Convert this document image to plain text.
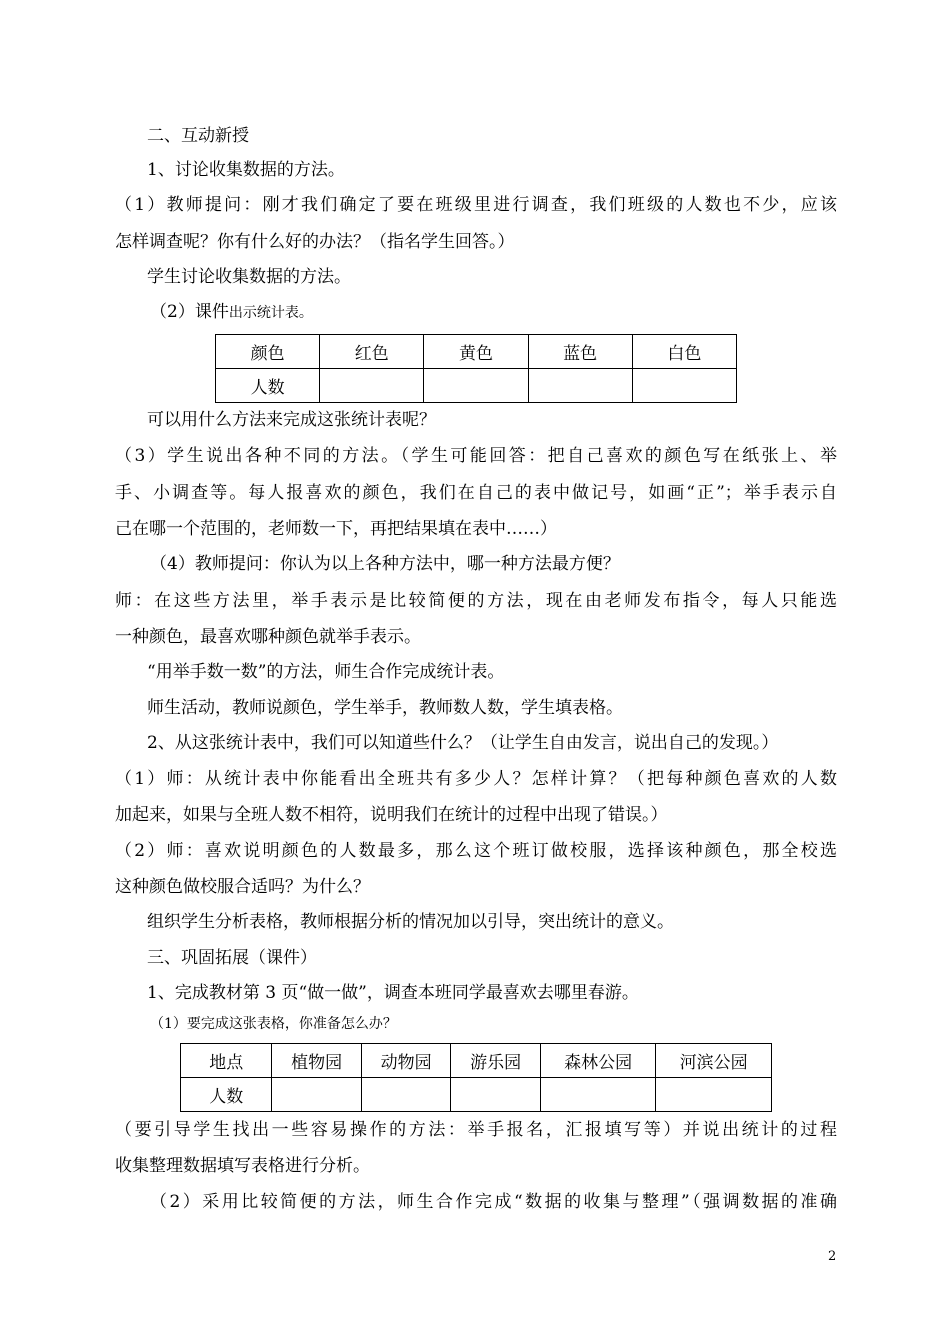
二、互动新授
1、讨论收集数据的方法。
（1）教师提问：刚才我们确定了要在班级里进行调查，我们班级的人数也不少，应该
怎样调查呢？你有什么好的办法？（指名学生回答。）
学生讨论收集数据的方法。
（2）课件出示统计表。
颜色	红色	黄色	蓝色	白色
人数				
可以用什么方法来完成这张统计表呢？
（3）学生说出各种不同的方法。（学生可能回答：把自己喜欢的颜色写在纸张上、举
手、小调查等。每人报喜欢的颜色，我们在自己的表中做记号，如画“正”；举手表示自
己在哪一个范围的，老师数一下，再把结果填在表中……）
（4）教师提问：你认为以上各种方法中，哪一种方法最方便？
师：在这些方法里，举手表示是比较简便的方法，现在由老师发布指令，每人只能选
一种颜色，最喜欢哪种颜色就举手表示。
“用举手数一数”的方法，师生合作完成统计表。
师生活动，教师说颜色，学生举手，教师数人数，学生填表格。
2、从这张统计表中，我们可以知道些什么？（让学生自由发言，说出自己的发现。）
（1）师：从统计表中你能看出全班共有多少人？怎样计算？（把每种颜色喜欢的人数
加起来，如果与全班人数不相符，说明我们在统计的过程中出现了错误。）
（2）师：喜欢说明颜色的人数最多，那么这个班订做校服，选择该种颜色，那全校选
这种颜色做校服合适吗？为什么？
组织学生分析表格，教师根据分析的情况加以引导，突出统计的意义。
三、巩固拓展（课件）
1、完成教材第 3 页“做一做”，调查本班同学最喜欢去哪里春游。
（1）要完成这张表格，你准备怎么办？
地点	植物园	动物园	游乐园	森林公园	河滨公园
人数					
（要引导学生找出一些容易操作的方法：举手报名，汇报填写等）并说出统计的过程
收集整理数据填写表格进行分析。
（2）采用比较简便的方法，师生合作完成“数据的收集与整理”（强调数据的准确
2
